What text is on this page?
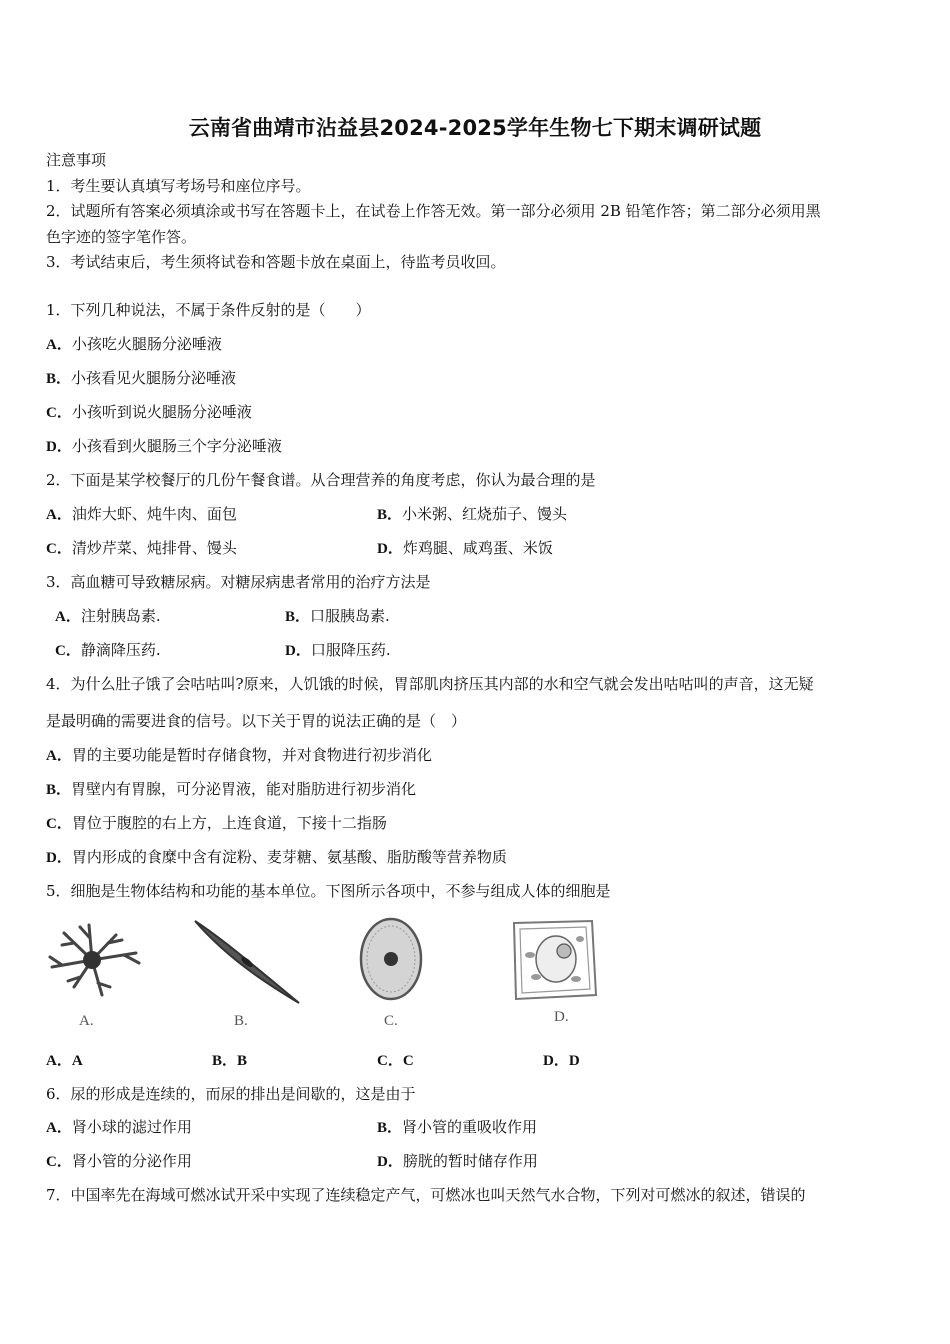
云南省曲靖市沾益县2024-2025学年生物七下期末调研试题
注意事项
1．考生要认真填写考场号和座位序号。
2．试题所有答案必须填涂或书写在答题卡上，在试卷上作答无效。第一部分必须用 2B 铅笔作答；第二部分必须用黑
色字迹的签字笔作答。
3．考试结束后，考生须将试卷和答题卡放在桌面上，待监考员收回。
1．下列几种说法，不属于条件反射的是（　　）
A．小孩吃火腿肠分泌唾液
B．小孩看见火腿肠分泌唾液
C．小孩听到说火腿肠分泌唾液
D．小孩看到火腿肠三个字分泌唾液
2．下面是某学校餐厅的几份午餐食谱。从合理营养的角度考虑，你认为最合理的是
A．油炸大虾、炖牛肉、面包	B．小米粥、红烧茄子、馒头
C．清炒芹菜、炖排骨、馒头	D．炸鸡腿、咸鸡蛋、米饭
3．高血糖可导致糖尿病。对糖尿病患者常用的治疗方法是
A．注射胰岛素.	B．口服胰岛素.
C．静滴降压药.	D．口服降压药.
4．为什么肚子饿了会咕咕叫?原来，人饥饿的时候，胃部肌肉挤压其内部的水和空气就会发出咕咕叫的声音，这无疑
是最明确的需要进食的信号。以下关于胃的说法正确的是（　）
A．胃的主要功能是暂时存储食物，并对食物进行初步消化
B．胃壁内有胃腺，可分泌胃液，能对脂肪进行初步消化
C．胃位于腹腔的右上方，上连食道，下接十二指肠
D．胃内形成的食糜中含有淀粉、麦芽糖、氨基酸、脂肪酸等营养物质
5．细胞是生物体结构和功能的基本单位。下图所示各项中，不参与组成人体的细胞是
A.	B.	C.	D.
A．A	B．B	C．C	D．D
6．尿的形成是连续的，而尿的排出是间歇的，这是由于
A．肾小球的滤过作用	B．肾小管的重吸收作用
C．肾小管的分泌作用	D．膀胱的暂时储存作用
7．中国率先在海域可燃冰试开采中实现了连续稳定产气，可燃冰也叫天然气水合物，下列对可燃冰的叙述，错误的
